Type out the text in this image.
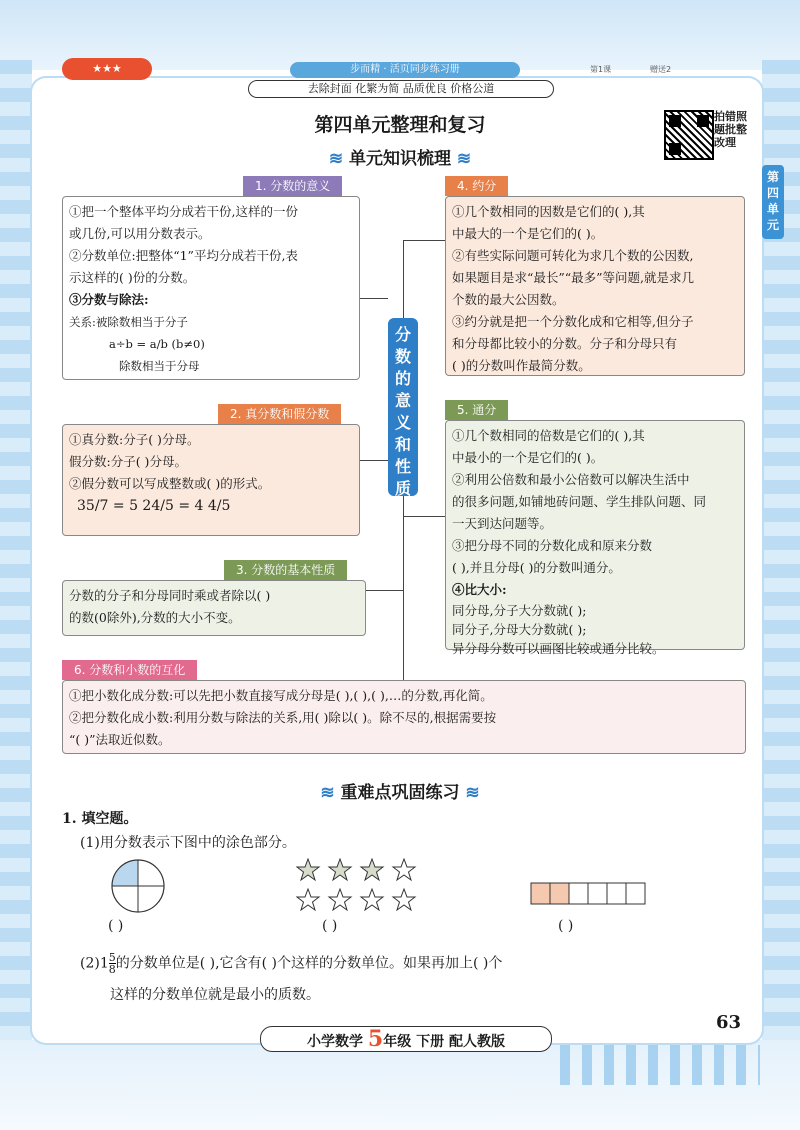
★★★	步而精 · 活页同步练习册	第1课	赠送2
去除封面 化繁为简 品质优良 价格公道
第四单元整理和复习
≋ 单元知识梳理 ≋
拍错照题批整改理
第四单元
分数的意义和性质
1. 分数的意义

①把一个整体平均分成若干份,这样的一份

或几份,可以用分数表示。

②分数单位:把整体“1”平均分成若干份,表

示这样的( )份的分数。

③分数与除法:

关系:被除数相当于分子

a÷b = a/b (b≠0)

除数相当于分母

2. 真分数和假分数

①真分数:分子( )分母。

假分数:分子( )分母。

②假分数可以写成整数或( )的形式。

35/7 = 5 24/5 = 4 4/5

3. 分数的基本性质

分数的分子和分母同时乘或者除以( )

的数(0除外),分数的大小不变。

4. 约分

①几个数相同的因数是它们的( ),其

中最大的一个是它们的( )。

②有些实际问题可转化为求几个数的公因数,

如果题目是求“最长”“最多”等问题,就是求几

个数的最大公因数。

③约分就是把一个分数化成和它相等,但分子

和分母都比较小的分数。分子和分母只有

( )的分数叫作最简分数。

5. 通分

①几个数相同的倍数是它们的( ),其

中最小的一个是它们的( )。

②利用公倍数和最小公倍数可以解决生活中

的很多问题,如铺地砖问题、学生排队问题、同

一天到达问题等。

③把分母不同的分数化成和原来分数

( ),并且分母( )的分数叫通分。

④比大小:

同分母,分子大分数就( );

同分子,分母大分数就( );

异分母分数可以画图比较或通分比较。

6. 分数和小数的互化

①把小数化成分数:可以先把小数直接写成分母是( ),( ),( ),…的分数,再化简。

②把分数化成小数:利用分数与除法的关系,用( )除以( )。除不尽的,根据需要按

“( )”法取近似数。

≋ 重难点巩固练习 ≋
1. 填空题。
(1)用分数表示下图中的涂色部分。
( )	( )	( )
$(2)1 \frac{5}{8}$ 的分数单位是( ),它含有( )个这样的分数单位。如果再加上( )个
这样的分数单位就是最小的质数。
63
小学数学 5年级 下册 配人教版
